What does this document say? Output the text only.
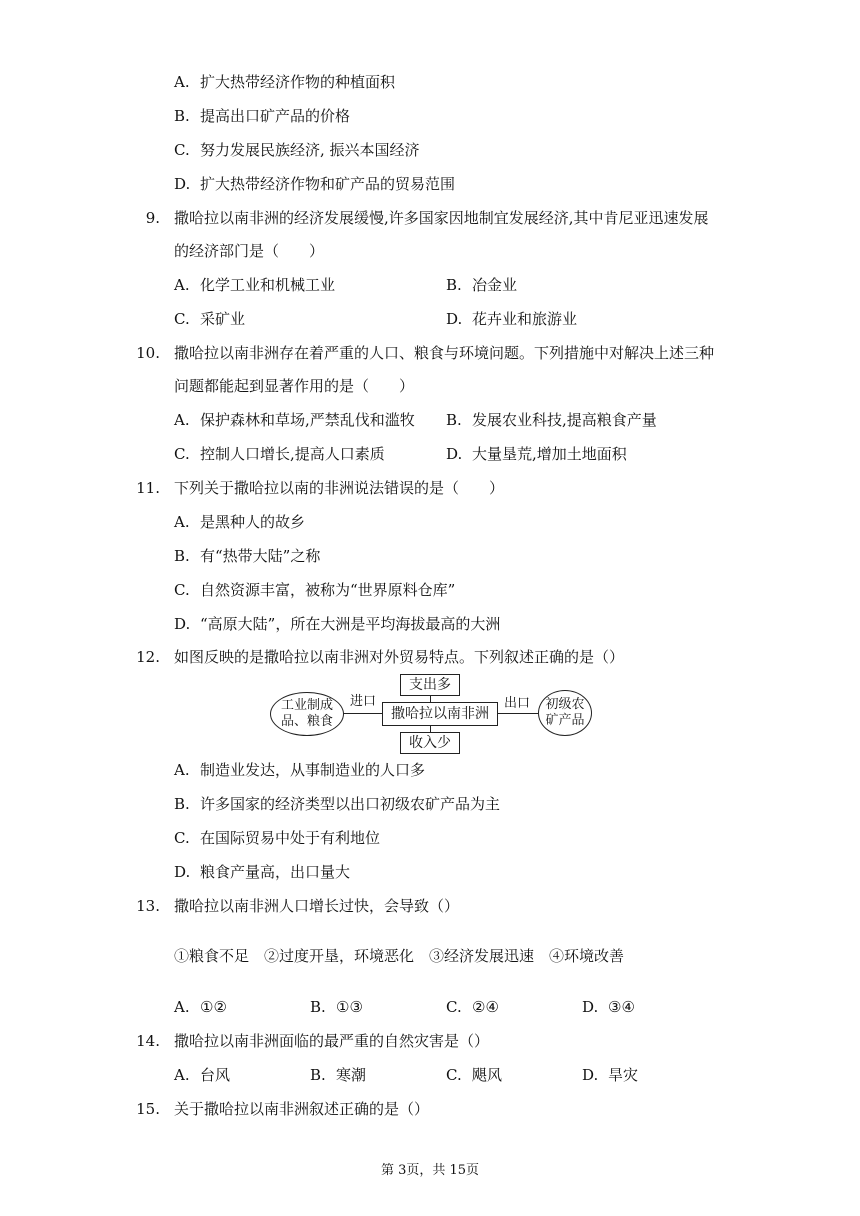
A. 扩大热带经济作物的种植面积
B. 提高出口矿产品的价格
C. 努力发展民族经济, 振兴本国经济
D. 扩大热带经济作物和矿产品的贸易范围
9. 撒哈拉以南非洲的经济发展缓慢,许多国家因地制宜发展经济,其中肯尼亚迅速发展
的经济部门是（　　）
A. 化学工业和机械工业	B. 冶金业
C. 采矿业	D. 花卉业和旅游业
10. 撒哈拉以南非洲存在着严重的人口、粮食与环境问题。下列措施中对解决上述三种
问题都能起到显著作用的是（　　）
A. 保护森林和草场,严禁乱伐和滥牧 B. 发展农业科技,提高粮食产量
C. 控制人口增长,提高人口素质	D. 大量垦荒,增加土地面积
11. 下列关于撒哈拉以南的非洲说法错误的是（　　）
A. 是黑种人的故乡
B. 有“热带大陆”之称
C. 自然资源丰富，被称为“世界原料仓库”
D. “高原大陆”，所在大洲是平均海拔最高的大洲
12. 如图反映的是撒哈拉以南非洲对外贸易特点。下列叙述正确的是（）
工业制成
品、粮食
进口
撒哈拉以南非洲
支出多
收入少
出口 初级农
矿产品
A. 制造业发达，从事制造业的人口多
B. 许多国家的经济类型以出口初级农矿产品为主
C. 在国际贸易中处于有利地位
D. 粮食产量高，出口量大
13. 撒哈拉以南非洲人口增长过快，会导致（）
①粮食不足　②过度开垦，环境恶化　③经济发展迅速　④环境改善
A. ①②	B. ①③	C. ②④	D. ③④
14. 撒哈拉以南非洲面临的最严重的自然灾害是（）
A. 台风	B. 寒潮	C. 飓风	D. 旱灾
15. 关于撒哈拉以南非洲叙述正确的是（）
第 3页，共 15页
